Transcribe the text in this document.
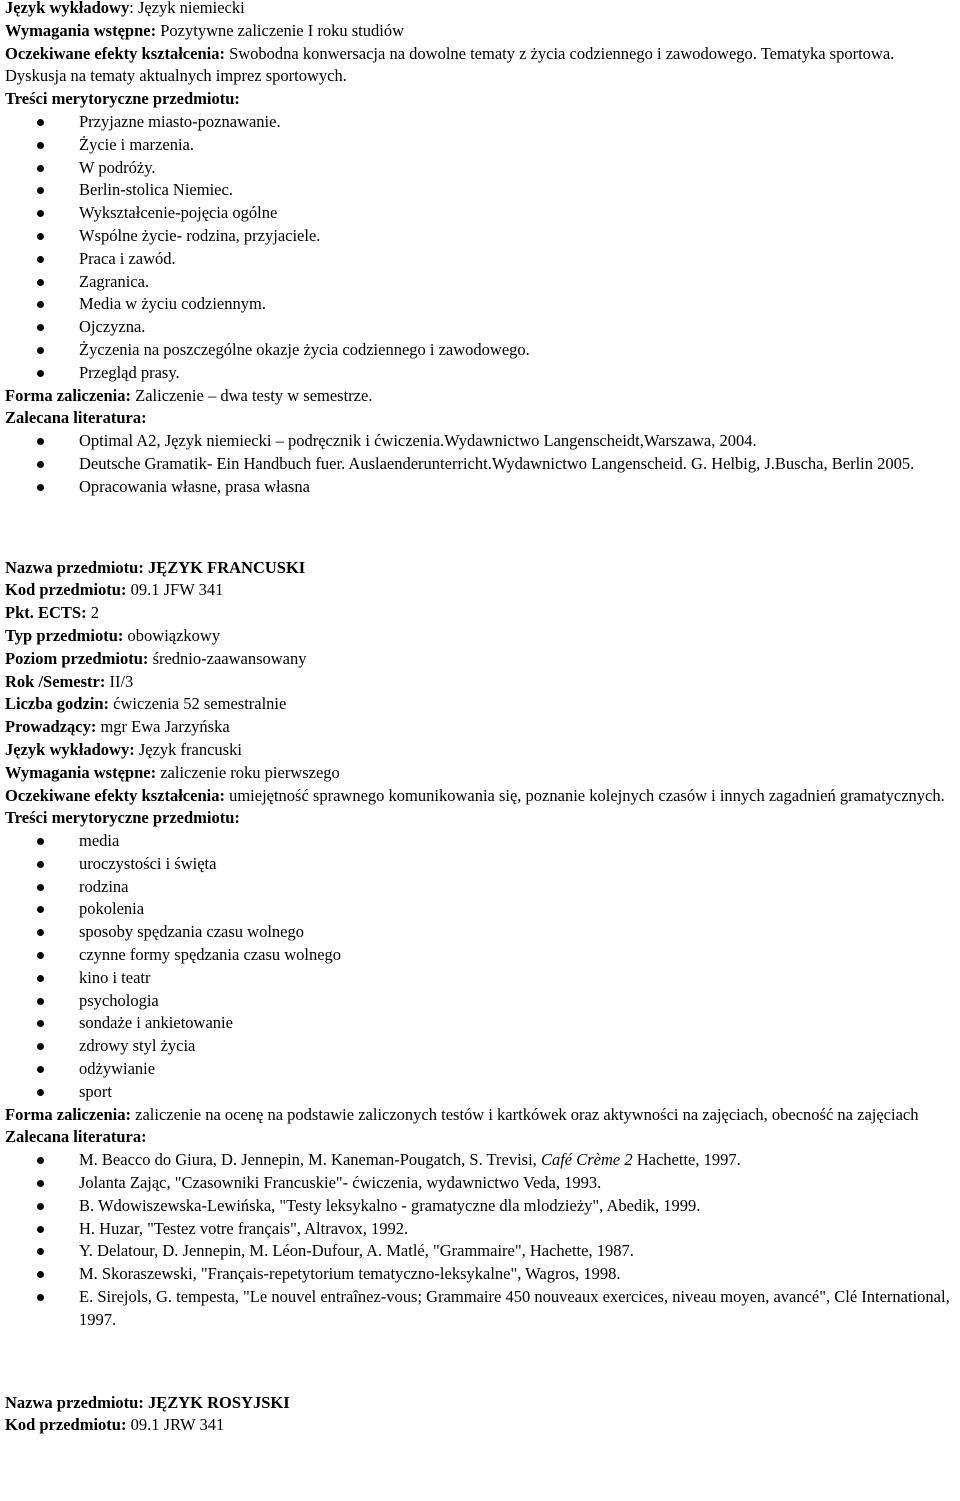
Język wykładowy: Język niemiecki
Wymagania wstępne: Pozytywne zaliczenie I roku studiów
Oczekiwane efekty kształcenia: Swobodna konwersacja na dowolne tematy z życia codziennego i zawodowego. Tematyka sportowa. Dyskusja na tematy aktualnych imprez sportowych.
Treści merytoryczne przedmiotu:
Przyjazne miasto-poznawanie.
Życie i marzenia.
W podróży.
Berlin-stolica Niemiec.
Wykształcenie-pojęcia ogólne
Wspólne życie- rodzina, przyjaciele.
Praca i zawód.
Zagranica.
Media w życiu codziennym.
Ojczyzna.
Życzenia na poszczególne okazje życia codziennego i zawodowego.
Przegląd prasy.
Forma zaliczenia: Zaliczenie – dwa testy w semestrze.
Zalecana literatura:
Optimal A2, Język niemiecki – podręcznik i ćwiczenia.Wydawnictwo Langenscheidt,Warszawa, 2004.
Deutsche Gramatik- Ein Handbuch fuer. Auslaenderunterricht.Wydawnictwo Langenscheid. G. Helbig, J.Buscha, Berlin 2005.
Opracowania własne, prasa własna
Nazwa przedmiotu: JĘZYK FRANCUSKI
Kod przedmiotu: 09.1 JFW 341
Pkt. ECTS: 2
Typ przedmiotu: obowiązkowy
Poziom przedmiotu: średnio-zaawansowany
Rok /Semestr: II/3
Liczba godzin: ćwiczenia 52 semestralnie
Prowadzący: mgr Ewa Jarzyńska
Język wykładowy: Język francuski
Wymagania wstępne: zaliczenie roku pierwszego
Oczekiwane efekty kształcenia: umiejętność sprawnego komunikowania się, poznanie kolejnych czasów i innych zagadnień gramatycznych.
Treści merytoryczne przedmiotu:
media
uroczystości i święta
rodzina
pokolenia
sposoby spędzania czasu wolnego
czynne formy spędzania czasu wolnego
kino i teatr
psychologia
sondaże i ankietowanie
zdrowy styl życia
odżywianie
sport
Forma zaliczenia: zaliczenie na ocenę na podstawie zaliczonych testów i kartkówek oraz aktywności na zajęciach, obecność na zajęciach
Zalecana literatura:
M. Beacco do Giura, D. Jennepin, M. Kaneman-Pougatch, S. Trevisi, Café Crème 2 Hachette, 1997.
Jolanta Zając, "Czasowniki Francuskie"- ćwiczenia, wydawnictwo Veda, 1993.
B. Wdowiszewska-Lewińska, "Testy leksykalno - gramatyczne dla mlodzieży", Abedik, 1999.
H. Huzar, "Testez votre français", Altravox, 1992.
Y. Delatour, D. Jennepin, M. Léon-Dufour, A. Matlé, "Grammaire", Hachette, 1987.
M. Skoraszewski, "Français-repetytorium tematyczno-leksykalne", Wagros, 1998.
E. Sirejols, G. tempesta, "Le nouvel entraînez-vous; Grammaire 450 nouveaux exercices, niveau moyen, avancé", Clé International, 1997.
Nazwa przedmiotu: JĘZYK ROSYJSKI
Kod przedmiotu: 09.1 JRW 341
